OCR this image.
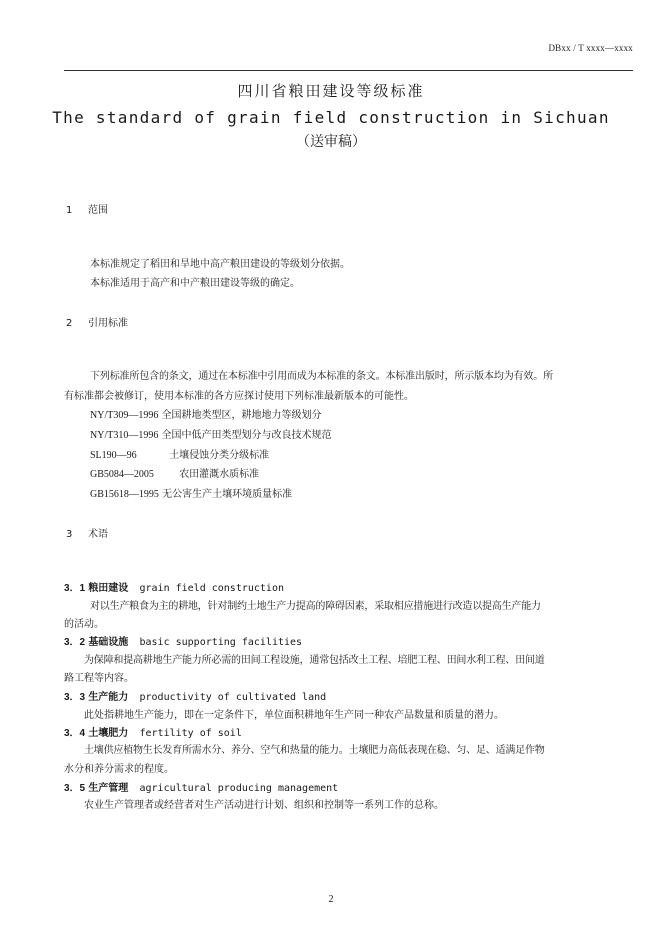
DBxx / T xxxx—xxxx
四川省粮田建设等级标准
The standard of grain field construction in Sichuan
（送审稿）
1 范围
本标准规定了稻田和旱地中高产粮田建设的等级划分依据。
本标准适用于高产和中产粮田建设等级的确定。
2 引用标准
下列标准所包含的条文，通过在本标准中引用而成为本标准的条文。本标准出版时，所示版本均为有效。所
有标准都会被修订，使用本标准的各方应探讨使用下列标准最新版本的可能性。
NY/T309—1996 全国耕地类型区，耕地地力等级划分
NY/T310—1996 全国中低产田类型划分与改良技术规范
SL190—96	土壤侵蚀分类分级标准
GB5084—2005	农田灌溉水质标准
GB15618—1995 无公害生产土壤环境质量标准
3 术语
3．1 粮田建设 grain field construction
对以生产粮食为主的耕地，针对制约土地生产力提高的障碍因素，采取相应措施进行改造以提高生产能力
的活动。
3．2 基础设施 basic supporting facilities
为保障和提高耕地生产能力所必需的田间工程设施，通常包括改土工程、培肥工程、田间水利工程、田间道
路工程等内容。
3．3 生产能力 productivity of cultivated land
此处指耕地生产能力，即在一定条件下，单位面积耕地年生产同一种农产品数量和质量的潜力。
3．4 土壤肥力 fertility of soil
土壤供应植物生长发育所需水分、养分、空气和热量的能力。土壤肥力高低表现在稳、匀、足、适满足作物
水分和养分需求的程度。
3．5 生产管理 agricultural producing management
农业生产管理者或经营者对生产活动进行计划、组织和控制等一系列工作的总称。
2
